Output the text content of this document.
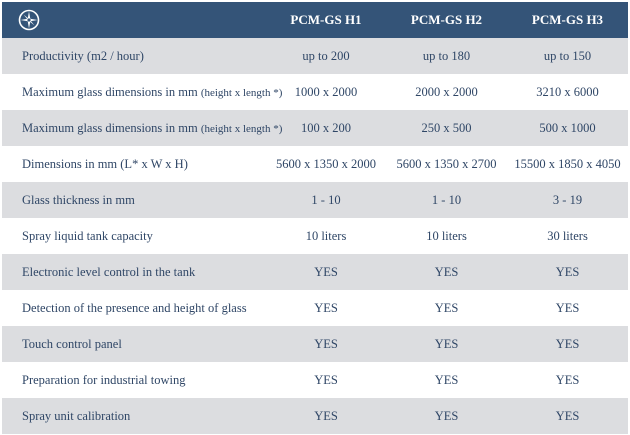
	PCM-GS H1	PCM-GS H2	PCM-GS H3
Productivity (m2 / hour)	up to 200	up to 180	up to 150
Maximum glass dimensions in mm (height x length *)	1000 x 2000	2000 x 2000	3210 x 6000
Maximum glass dimensions in mm (height x length *)	100 x 200	250 x 500	500 x 1000
Dimensions in mm (L* x W x H)	5600 x 1350 x 2000	5600 x 1350 x 2700	15500 x 1850 x 4050
Glass thickness in mm	1 - 10	1 - 10	3 - 19
Spray liquid tank capacity	10 liters	10 liters	30 liters
Electronic level control in the tank	YES	YES	YES
Detection of the presence and height of glass	YES	YES	YES
Touch control panel	YES	YES	YES
Preparation for industrial towing	YES	YES	YES
Spray unit calibration	YES	YES	YES
